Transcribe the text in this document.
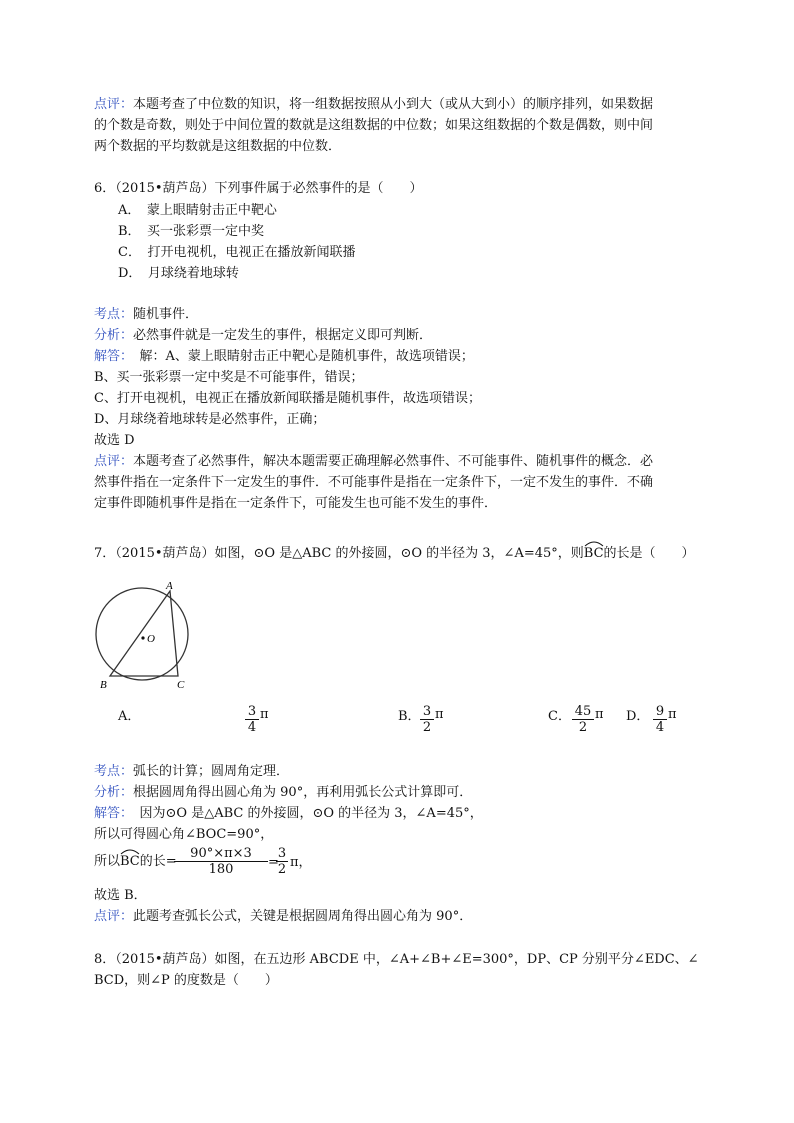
点评：本题考查了中位数的知识，将一组数据按照从小到大（或从大到小）的顺序排列，如果数据
的个数是奇数，则处于中间位置的数就是这组数据的中位数；如果这组数据的个数是偶数，则中间
两个数据的平均数就是这组数据的中位数．
6．（2015•葫芦岛）下列事件属于必然事件的是（　　）
A．　蒙上眼睛射击正中靶心
B．　买一张彩票一定中奖
C．　打开电视机，电视正在播放新闻联播
D．　月球绕着地球转
考点：随机事件．
分析：必然事件就是一定发生的事件，根据定义即可判断．
解答：　解：A、蒙上眼睛射击正中靶心是随机事件，故选项错误；
B、买一张彩票一定中奖是不可能事件，错误；
C、打开电视机，电视正在播放新闻联播是随机事件，故选项错误；
D、月球绕着地球转是必然事件，正确；
故选 D
点评：本题考查了必然事件，解决本题需要正确理解必然事件、不可能事件、随机事件的概念．必
然事件指在一定条件下一定发生的事件．不可能事件是指在一定条件下，一定不发生的事件．不确
定事件即随机事件是指在一定条件下，可能发生也可能不发生的事件．
7．（2015•葫芦岛）如图，⊙O 是△ABC 的外接圆，⊙O 的半径为 3，∠A=45°，则
BC的长是（　　）
A
O
B	C
A．	$\frac{3}{4}$ π	B． $\frac{3}{2}$ π	C． $\frac{45}{2}$ π D． $\frac{9}{4}$ π
考点：弧长的计算；圆周角定理．
分析：根据圆周角得出圆心角为 90°，再利用弧长公式计算即可．
解答：　因为⊙O 是△ABC 的外接圆，⊙O 的半径为 3，∠A=45°，
所以可得圆心角∠BOC=90°，
所以
BC的长=
$\frac{90^\circ\times\pi\times 3}{180}$ =
$\frac{3}{2}$ π，
故选 B．
点评：此题考查弧长公式，关键是根据圆周角得出圆心角为 90°．
8．（2015•葫芦岛）如图，在五边形 ABCDE 中，∠A+∠B+∠E=300°，DP、CP 分别平分∠EDC、∠
BCD，则∠P 的度数是（　　）
